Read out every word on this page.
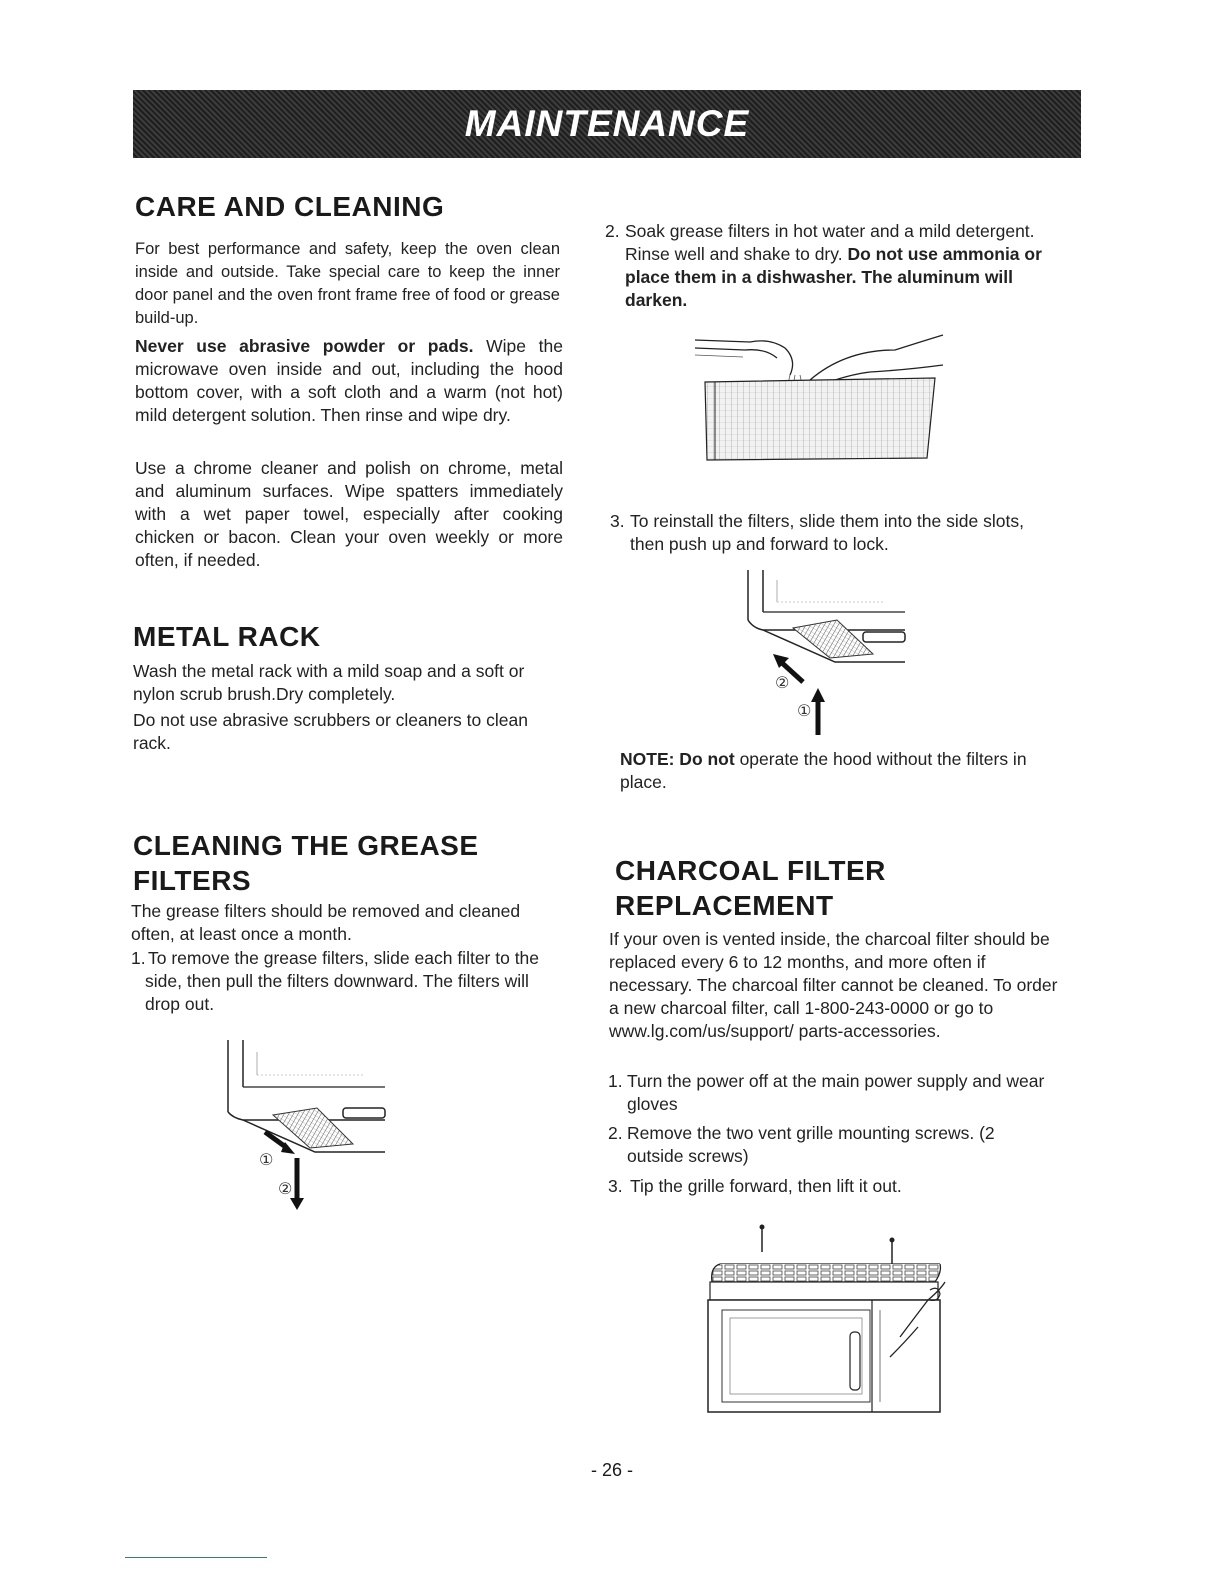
MAINTENANCE
CARE AND CLEANING

For best performance and safety, keep the oven clean inside and outside. Take special care to keep the inner door panel and the oven front frame free of food or grease build-up.

Never use abrasive powder or pads. Wipe the microwave oven inside and out, including the hood bottom cover, with a soft cloth and a warm (not hot) mild detergent solution. Then rinse and wipe dry.

Use a chrome cleaner and polish on chrome, metal and aluminum surfaces. Wipe spatters immediately with a wet paper towel, especially after cooking chicken or bacon. Clean your oven weekly or more often, if needed.

METAL RACK

Wash the metal rack with a mild soap and a soft or nylon scrub brush.Dry completely.

Do not use abrasive scrubbers or cleaners to clean rack.

CLEANING THE GREASE
FILTERS

The grease filters should be removed and cleaned often, at least once a month.

1. To remove the grease filters, slide each filter to the side, then pull the filters downward. The filters will drop out.

①
②
2. Soak grease filters in hot water and a mild detergent. Rinse well and shake to dry. Do not use ammonia or place them in a dishwasher. The aluminum will darken.

3. To reinstall the filters, slide them into the side slots, then push up and forward to lock.

②
①

NOTE: Do not operate the hood without the filters in place.

CHARCOAL FILTER
REPLACEMENT

If your oven is vented inside, the charcoal filter should be replaced every 6 to 12 months, and more often if necessary. The charcoal filter cannot be cleaned. To order a new charcoal filter, call 1-800-243-0000 or go to www.lg.com/us/support/ parts-accessories.

1. Turn the power off at the main power supply and wear gloves

2. Remove the two vent grille mounting screws. (2 outside screws)

3. Tip the grille forward, then lift it out.

- 26 -
